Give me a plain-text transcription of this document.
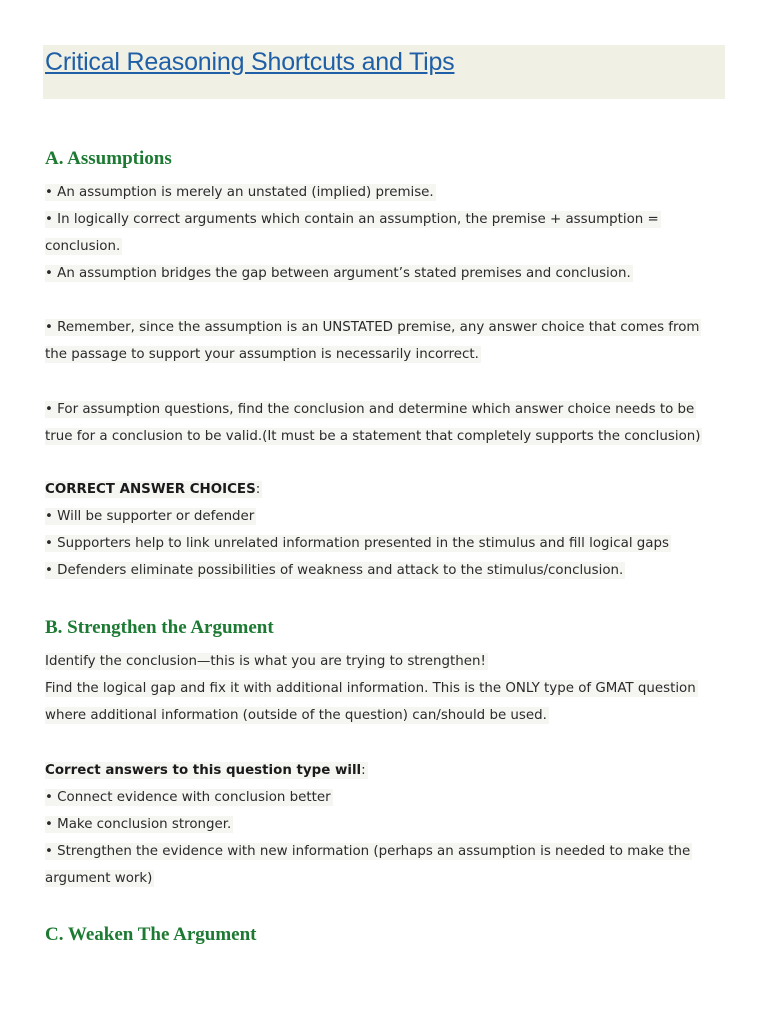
Critical Reasoning Shortcuts and Tips
A. Assumptions
• An assumption is merely an unstated (implied) premise.
• In logically correct arguments which contain an assumption, the premise + assumption =
conclusion.
• An assumption bridges the gap between argument’s stated premises and conclusion.
• Remember, since the assumption is an UNSTATED premise, any answer choice that comes from
the passage to support your assumption is necessarily incorrect.
• For assumption questions, find the conclusion and determine which answer choice needs to be
true for a conclusion to be valid.(It must be a statement that completely supports the conclusion)
CORRECT ANSWER CHOICES:
• Will be supporter or defender
• Supporters help to link unrelated information presented in the stimulus and fill logical gaps
• Defenders eliminate possibilities of weakness and attack to the stimulus/conclusion.
B. Strengthen the Argument
Identify the conclusion—this is what you are trying to strengthen!
Find the logical gap and fix it with additional information. This is the ONLY type of GMAT question
where additional information (outside of the question) can/should be used.
Correct answers to this question type will:
• Connect evidence with conclusion better
• Make conclusion stronger.
• Strengthen the evidence with new information (perhaps an assumption is needed to make the
argument work)
C. Weaken The Argument
